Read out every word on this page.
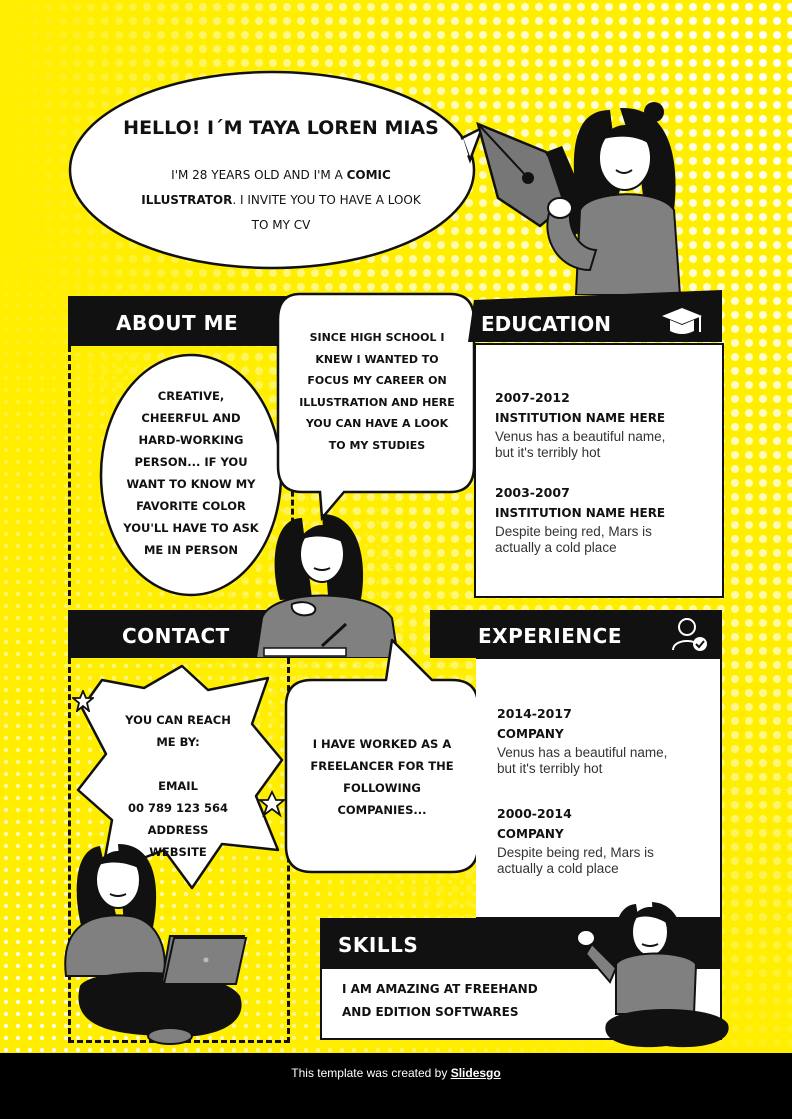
HELLO! I´M TAYA LOREN MIAS
I'M 28 YEARS OLD AND I'M A COMIC
ILLUSTRATOR. I INVITE YOU TO HAVE A LOOK
TO MY CV
ABOUT ME
CREATIVE,
CHEERFUL AND
HARD-WORKING
PERSON... IF YOU
WANT TO KNOW MY
FAVORITE COLOR
YOU'LL HAVE TO ASK
ME IN PERSON
SINCE HIGH SCHOOL I
KNEW I WANTED TO
FOCUS MY CAREER ON
ILLUSTRATION AND HERE
YOU CAN HAVE A LOOK
TO MY STUDIES
EDUCATION
2007-2012
INSTITUTION NAME HERE
Venus has a beautiful name,
but it's terribly hot
2003-2007
INSTITUTION NAME HERE
Despite being red, Mars is
actually a cold place
CONTACT
YOU CAN REACH
ME BY:
EMAIL
00 789 123 564
ADDRESS
WEBSITE
I HAVE WORKED AS A
FREELANCER FOR THE
FOLLOWING
COMPANIES...
EXPERIENCE
2014-2017
COMPANY
Venus has a beautiful name,
but it's terribly hot
2000-2014
COMPANY
Despite being red, Mars is
actually a cold place
SKILLS
I AM AMAZING AT FREEHAND
AND EDITION SOFTWARES
This template was created by Slidesgo
